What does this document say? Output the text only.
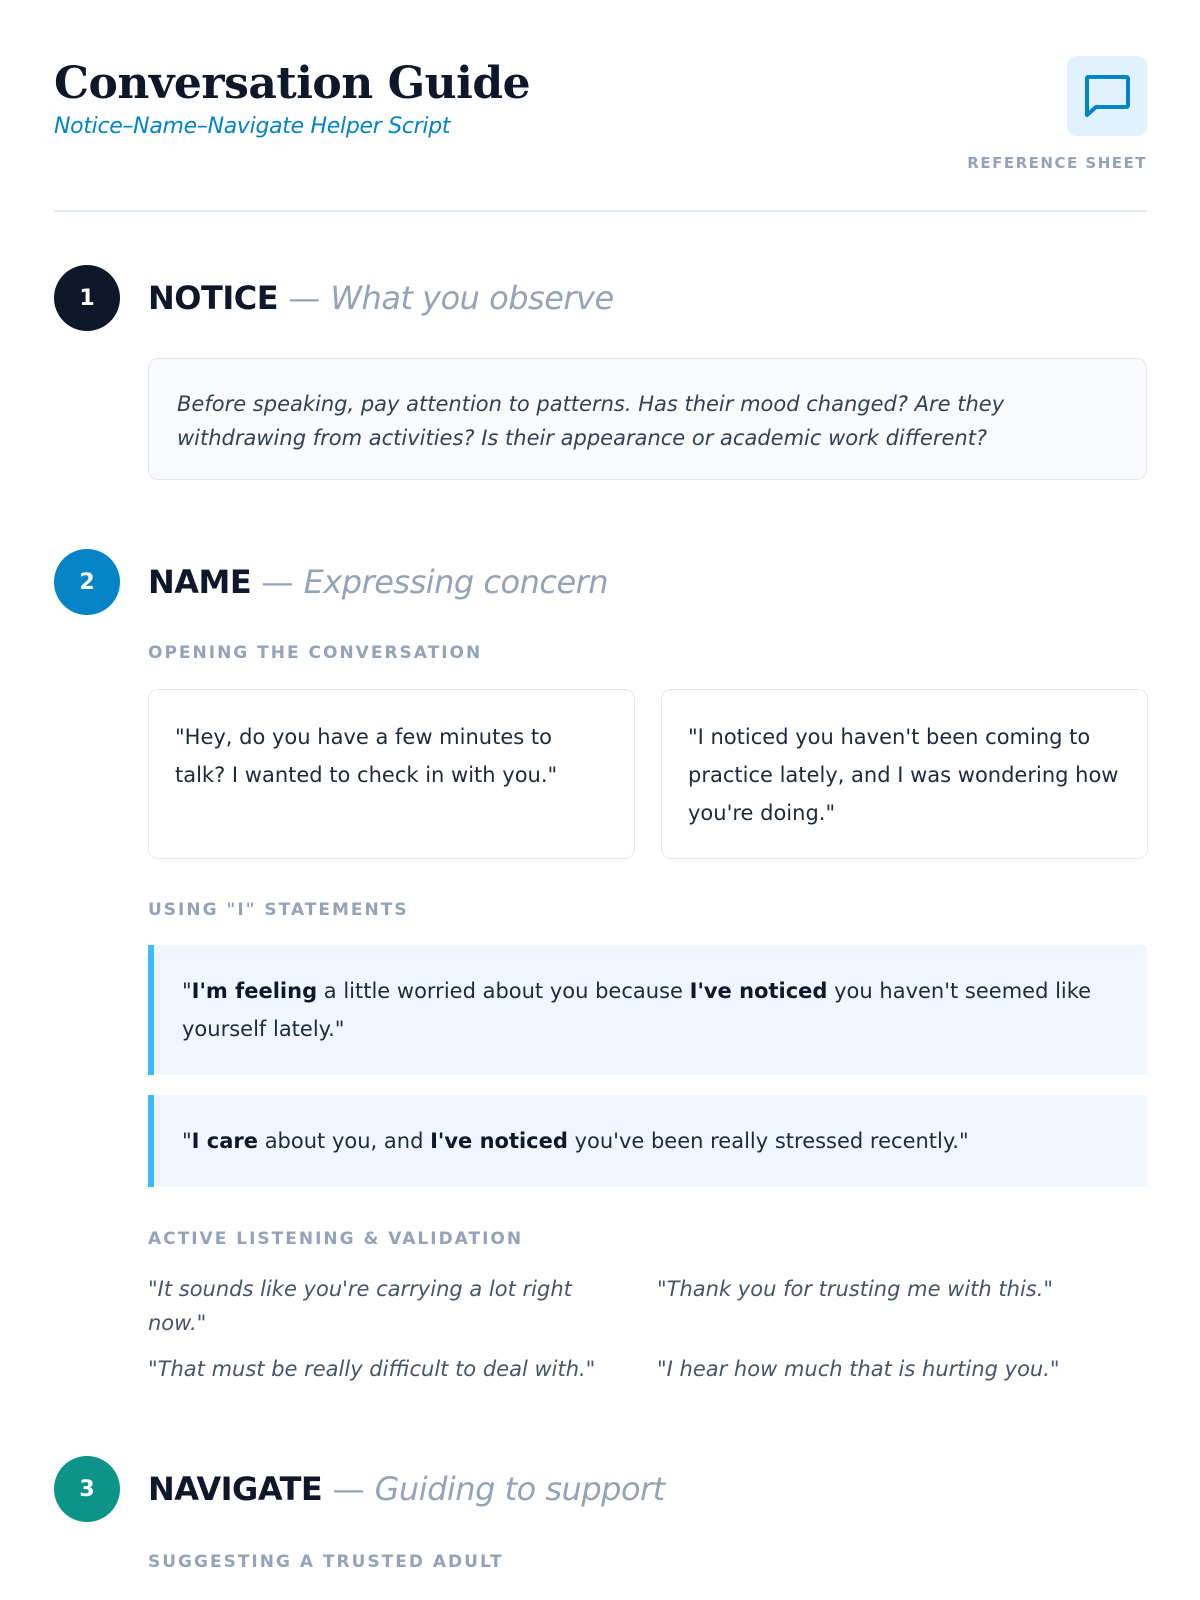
Conversation Guide
Notice–Name–Navigate Helper Script
REFERENCE SHEET
1	NOTICE — What you observe
Before speaking, pay attention to patterns. Has their mood changed? Are they withdrawing from activities? Is their appearance or academic work different?
2	NAME — Expressing concern
OPENING THE CONVERSATION
"Hey, do you have a few minutes to talk? I wanted to check in with you."
"I noticed you haven't been coming to practice lately, and I was wondering how you're doing."
USING "I" STATEMENTS
"I'm feeling a little worried about you because I've noticed you haven't seemed like yourself lately."
"I care about you, and I've noticed you've been really stressed recently."
ACTIVE LISTENING & VALIDATION
"It sounds like you're carrying a lot right now."
"Thank you for trusting me with this."
"That must be really difficult to deal with."	"I hear how much that is hurting you."
3	NAVIGATE — Guiding to support
SUGGESTING A TRUSTED ADULT
